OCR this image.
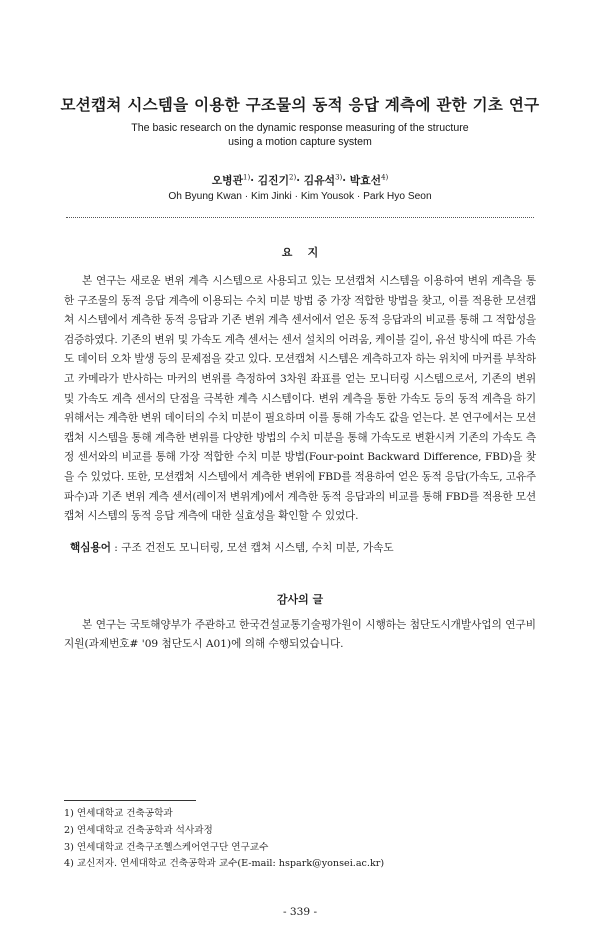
모션캡쳐 시스템을 이용한 구조물의 동적 응답 계측에 관한 기초 연구
The basic research on the dynamic response measuring of the structure
using a motion capture system
오병관$^{1)}$· 김진기$^{2)}$· 김유석$^{3)}$· 박효선$^{4)}$
Oh Byung Kwan · Kim Jinki · Kim Yousok · Park Hyo Seon
요    지

본 연구는 새로운 변위 계측 시스템으로 사용되고 있는 모션캡쳐 시스템을 이용하여 변위 계측을 통한 구조물의 동적 응답 계측에 이용되는 수치 미분 방법 중 가장 적합한 방법을 찾고, 이를 적용한 모션캡쳐 시스템에서 계측한 동적 응답과 기존 변위 계측 센서에서 얻은 동적 응답과의 비교를 통해 그 적합성을 검증하였다. 기존의 변위 및 가속도 계측 센서는 센서 설치의 어려움, 케이블 길이, 유선 방식에 따른 가속도 데이터 오차 발생 등의 문제점을 갖고 있다. 모션캡쳐 시스템은 계측하고자 하는 위치에 마커를 부착하고 카메라가 반사하는 마커의 변위를 측정하여 3차원 좌표를 얻는 모니터링 시스템으로서, 기존의 변위 및 가속도 계측 센서의 단점을 극복한 계측 시스템이다. 변위 계측을 통한 가속도 등의 동적 계측을 하기 위해서는 계측한 변위 데이터의 수치 미분이 필요하며 이를 통해 가속도 값을 얻는다. 본 연구에서는 모션 캡쳐 시스템을 통해 계측한 변위를 다양한 방법의 수치 미분을 통해 가속도로 변환시켜 기존의 가속도 측정 센서와의 비교를 통해 가장 적합한 수치 미분 방법(Four-point Backward Difference, FBD)을 찾을 수 있었다. 또한, 모션캡쳐 시스템에서 계측한 변위에 FBD를 적용하여 얻은 동적 응답(가속도, 고유주파수)과 기존 변위 계측 센서(레이저 변위계)에서 계측한 동적 응답과의 비교를 통해 FBD를 적용한 모션캡쳐 시스템의 동적 응답 계측에 대한 실효성을 확인할 수 있었다.

핵심용어 : 구조 건전도 모니터링, 모션 캡쳐 시스템, 수치 미분, 가속도
감사의 글

본 연구는 국토해양부가 주관하고 한국건설교통기술평가원이 시행하는 첨단도시개발사업의 연구비 지원(과제번호# '09 첨단도시 A01)에 의해 수행되었습니다.

1) 연세대학교 건축공학과
2) 연세대학교 건축공학과 석사과정
3) 연세대학교 건축구조헬스케어연구단 연구교수
4) 교신저자. 연세대학교 건축공학과 교수(E-mail: hspark@yonsei.ac.kr)
- 339 -
